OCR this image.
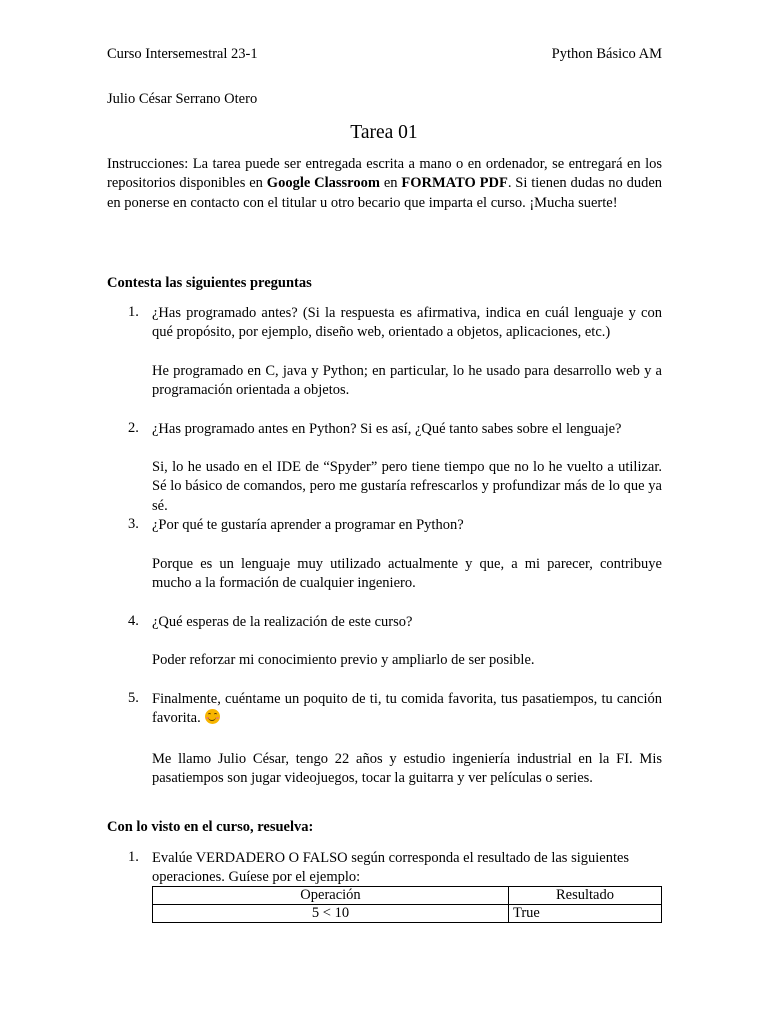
Curso Intersemestral 23-1	Python Básico AM
Julio César Serrano Otero
Tarea 01
Instrucciones: La tarea puede ser entregada escrita a mano o en ordenador, se entregará en los repositorios disponibles en Google Classroom en FORMATO PDF. Si tienen dudas no duden en ponerse en contacto con el titular u otro becario que imparta el curso. ¡Mucha suerte!
Contesta las siguientes preguntas
1. ¿Has programado antes? (Si la respuesta es afirmativa, indica en cuál lenguaje y con qué propósito, por ejemplo, diseño web, orientado a objetos, aplicaciones, etc.)
He programado en C, java y Python; en particular, lo he usado para desarrollo web y a programación orientada a objetos.
2. ¿Has programado antes en Python? Si es así, ¿Qué tanto sabes sobre el lenguaje?
Si, lo he usado en el IDE de “Spyder” pero tiene tiempo que no lo he vuelto a utilizar. Sé lo básico de comandos, pero me gustaría refrescarlos y profundizar más de lo que ya sé.
3. ¿Por qué te gustaría aprender a programar en Python?
Porque es un lenguaje muy utilizado actualmente y que, a mi parecer, contribuye mucho a la formación de cualquier ingeniero.
4. ¿Qué esperas de la realización de este curso?
Poder reforzar mi conocimiento previo y ampliarlo de ser posible.
5. Finalmente, cuéntame un poquito de ti, tu comida favorita, tus pasatiempos, tu canción favorita.
Me llamo Julio César, tengo 22 años y estudio ingeniería industrial en la FI. Mis pasatiempos son jugar videojuegos, tocar la guitarra y ver películas o series.
Con lo visto en el curso, resuelva:
1. Evalúe VERDADERO O FALSO según corresponda el resultado de las siguientes operaciones. Guíese por el ejemplo:
Operación	Resultado
5 < 10	True
